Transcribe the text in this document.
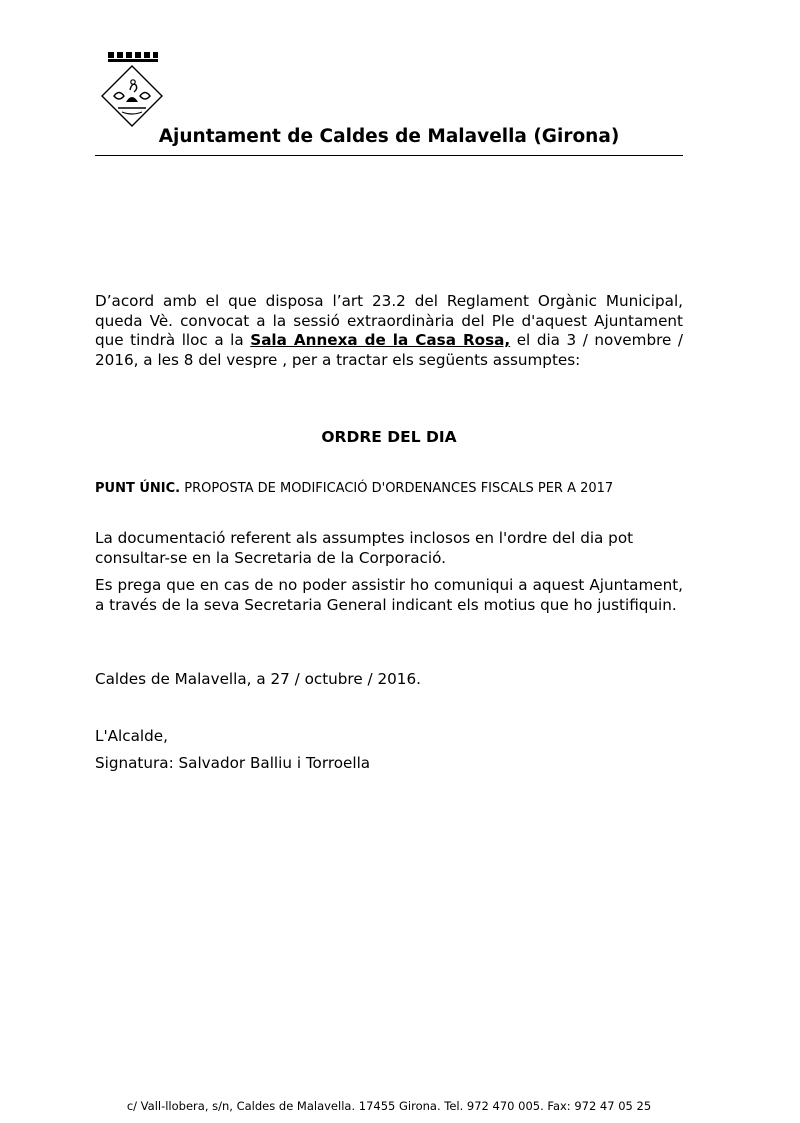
Ajuntament de Caldes de Malavella (Girona)

D’acord amb el que disposa l’art 23.2 del Reglament Orgànic Municipal, queda Vè. convocat a la sessió extraordinària del Ple d'aquest Ajuntament que tindrà lloc a la Sala Annexa de la Casa Rosa, el dia 3 / novembre / 2016, a les 8 del vespre , per a tractar els següents assumptes:

ORDRE DEL DIA
PUNT ÚNIC. PROPOSTA DE MODIFICACIÓ D'ORDENANCES FISCALS PER A 2017

La documentació referent als assumptes inclosos en l'ordre del dia pot consultar-se en la Secretaria de la Corporació.

Es prega que en cas de no poder assistir ho comuniqui a aquest Ajuntament, a través de la seva Secretaria General indicant els motius que ho justifiquin.

Caldes de Malavella, a 27 / octubre / 2016.

L'Alcalde,

Signatura: Salvador Balliu i Torroella

c/ Vall-llobera, s/n, Caldes de Malavella. 17455 Girona. Tel. 972 470 005. Fax: 972 47 05 25
